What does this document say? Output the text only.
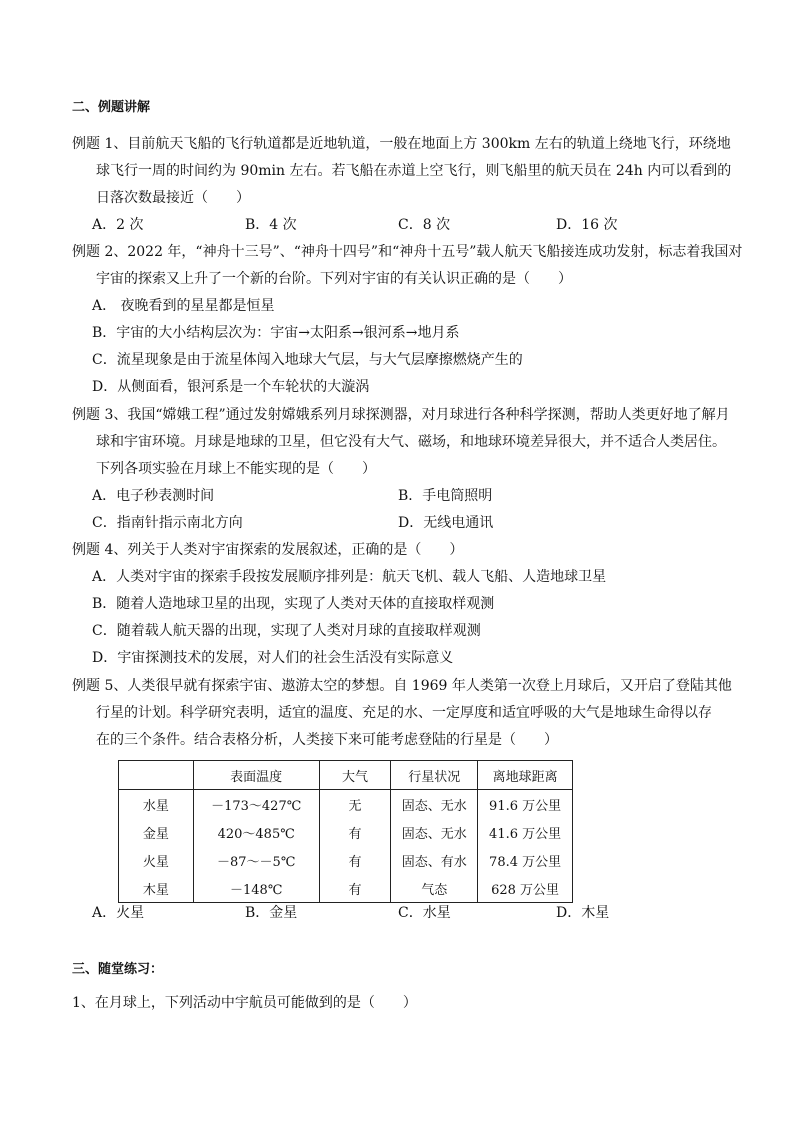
二、例题讲解
例题 1、目前航天飞船的飞行轨道都是近地轨道，一般在地面上方 300km 左右的轨道上绕地飞行，环绕地
球飞行一周的时间约为 90min 左右。若飞船在赤道上空飞行，则飞船里的航天员在 24h 内可以看到的
日落次数最接近（　　）
A．2 次	B．4 次	C．8 次	D．16 次
例题 2、2022 年，“神舟十三号”、“神舟十四号”和“神舟十五号”载人航天飞船接连成功发射，标志着我国对
宇宙的探索又上升了一个新的台阶。下列对宇宙的有关认识正确的是（　　）
A． 夜晚看到的星星都是恒星
B．宇宙的大小结构层次为：宇宙→太阳系→银河系→地月系
C．流星现象是由于流星体闯入地球大气层，与大气层摩擦燃烧产生的
D．从侧面看，银河系是一个车轮状的大漩涡
例题 3、我国“嫦娥工程”通过发射嫦娥系列月球探测器，对月球进行各种科学探测，帮助人类更好地了解月
球和宇宙环境。月球是地球的卫星，但它没有大气、磁场，和地球环境差异很大，并不适合人类居住。
下列各项实验在月球上不能实现的是（　　）
A．电子秒表测时间	B．手电筒照明
C．指南针指示南北方向	D．无线电通讯
例题 4、列关于人类对宇宙探索的发展叙述，正确的是（　　）
A．人类对宇宙的探索手段按发展顺序排列是：航天飞机、载人飞船、人造地球卫星
B．随着人造地球卫星的出现，实现了人类对天体的直接取样观测
C．随着载人航天器的出现，实现了人类对月球的直接取样观测
D．宇宙探测技术的发展，对人们的社会生活没有实际意义
例题 5、人类很早就有探索宇宙、遨游太空的梦想。自 1969 年人类第一次登上月球后，又开启了登陆其他
行星的计划。科学研究表明，适宜的温度、充足的水、一定厚度和适宜呼吸的大气是地球生命得以存
在的三个条件。结合表格分析，人类接下来可能考虑登陆的行星是（　　）
	表面温度	大气	行星状况	离地球距离
水星	－173～427℃	无	固态、无水	91.6 万公里
金星	420～485℃	有	固态、无水	41.6 万公里
火星	－87～－5℃	有	固态、有水	78.4 万公里
木星	－148℃	有	气态	628 万公里
A．火星	B．金星	C．水星	D．木星
三、随堂练习：
1、在月球上，下列活动中宇航员可能做到的是（　　）
